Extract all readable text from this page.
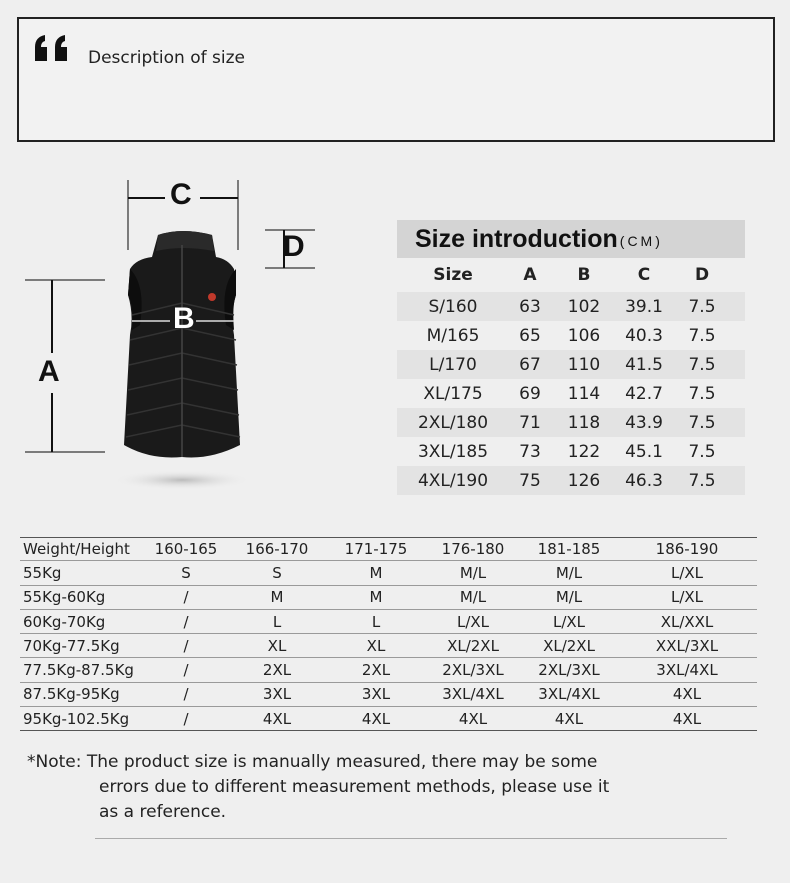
Description of size
C
D
A
B
Size introduction (CM)
Size	A	B	C	D
S/160	63	102	39.1	7.5
M/165	65	106	40.3	7.5
L/170	67	110	41.5	7.5
XL/175	69	114	42.7	7.5
2XL/180	71	118	43.9	7.5
3XL/185	73	122	45.1	7.5
4XL/190	75	126	46.3	7.5
Weight/Height	160-165	166-170	171-175	176-180	181-185	186-190
55Kg	S	S	M	M/L	M/L	L/XL
55Kg-60Kg	/	M	M	M/L	M/L	L/XL
60Kg-70Kg	/	L	L	L/XL	L/XL	XL/XXL
70Kg-77.5Kg	/	XL	XL	XL/2XL	XL/2XL	XXL/3XL
77.5Kg-87.5Kg	/	2XL	2XL	2XL/3XL	2XL/3XL	3XL/4XL
87.5Kg-95Kg	/	3XL	3XL	3XL/4XL	3XL/4XL	4XL
95Kg-102.5Kg	/	4XL	4XL	4XL	4XL	4XL
*Note: The product size is manually measured, there may be some
errors due to different measurement methods, please use it
as a reference.
